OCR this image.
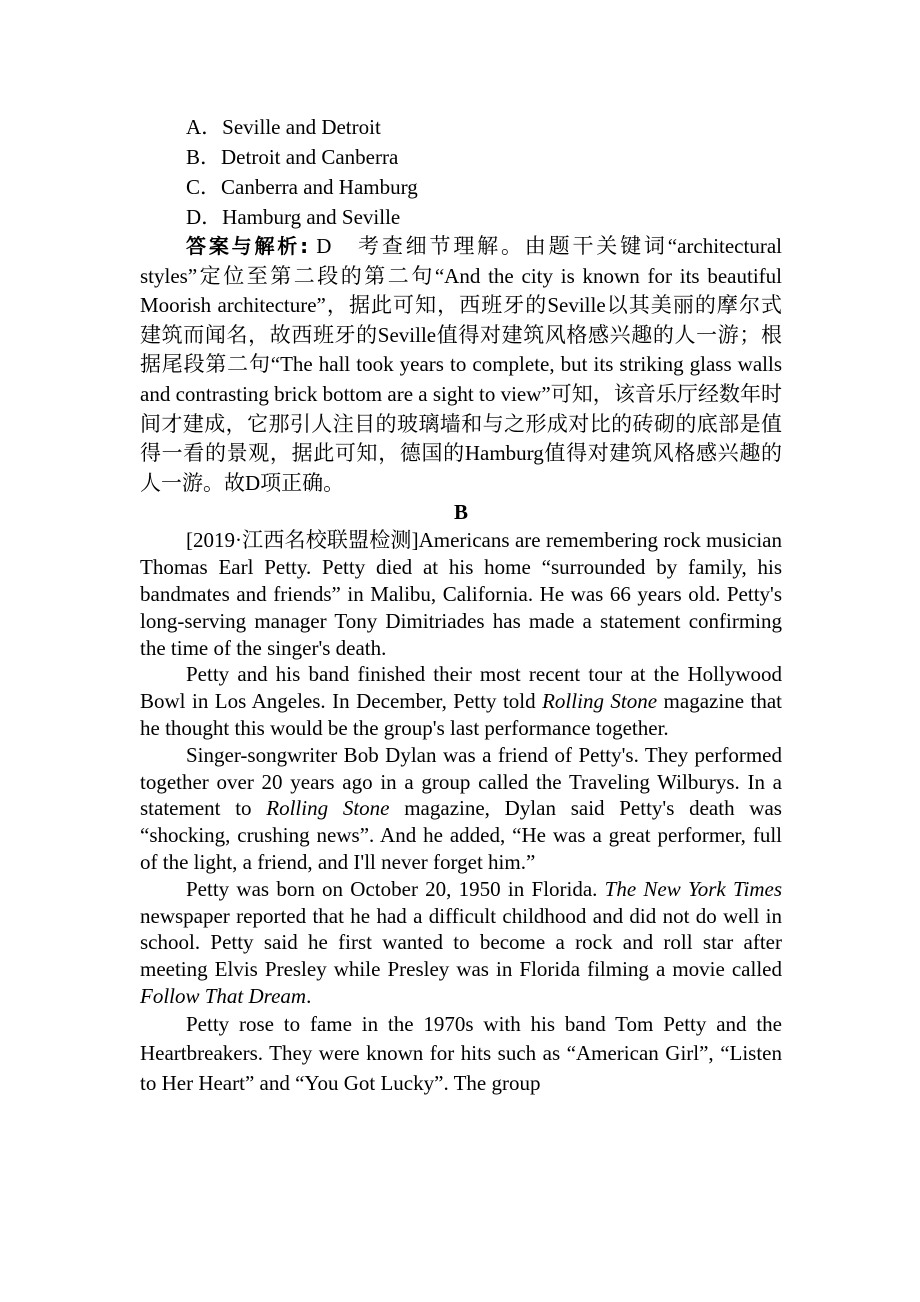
A．Seville and Detroit

B．Detroit and Canberra

C．Canberra and Hamburg

D．Hamburg and Seville

答案与解析: D　考查细节理解。由题干关键词“architectural styles”定位至第二段的第二句“And the city is known for its beautiful Moorish architecture”，据此可知，西班牙的Seville以其美丽的摩尔式建筑而闻名，故西班牙的Seville值得对建筑风格感兴趣的人一游；根据尾段第二句“The hall took years to complete, but its striking glass walls and contrasting brick bottom are a sight to view”可知，该音乐厅经数年时间才建成，它那引人注目的玻璃墙和与之形成对比的砖砌的底部是值得一看的景观，据此可知，德国的Hamburg值得对建筑风格感兴趣的人一游。故D项正确。

B

[2019·江西名校联盟检测]Americans are remembering rock musician Thomas Earl Petty. Petty died at his home “surrounded by family, his bandmates and friends” in Malibu, California. He was 66 years old. Petty's long-serving manager Tony Dimitriades has made a statement confirming the time of the singer's death.

Petty and his band finished their most recent tour at the Hollywood Bowl in Los Angeles. In December, Petty told Rolling Stone magazine that he thought this would be the group's last performance together.

Singer-songwriter Bob Dylan was a friend of Petty's. They performed together over 20 years ago in a group called the Traveling Wilburys. In a statement to Rolling Stone magazine, Dylan said Petty's death was “shocking, crushing news”. And he added, “He was a great performer, full of the light, a friend, and I'll never forget him.”

Petty was born on October 20, 1950 in Florida. The New York Times newspaper reported that he had a difficult childhood and did not do well in school. Petty said he first wanted to become a rock and roll star after meeting Elvis Presley while Presley was in Florida filming a movie called Follow That Dream.

Petty rose to fame in the 1970s with his band Tom Petty and the Heartbreakers. They were known for hits such as “American Girl”, “Listen to Her Heart” and “You Got Lucky”. The group
